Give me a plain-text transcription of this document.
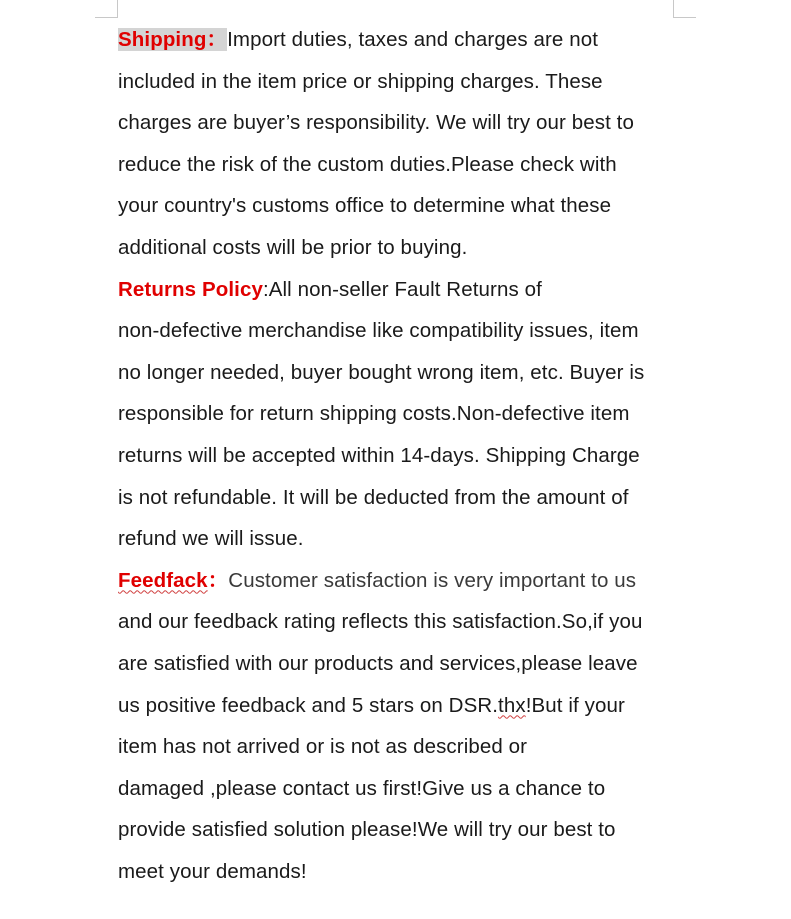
Shipping：Import duties, taxes and charges are not
included in the item price or shipping charges. These
charges are buyer’s responsibility. We will try our best to
reduce the risk of the custom duties.Please check with
your country's customs office to determine what these
additional costs will be prior to buying.
Returns Policy:All non-seller Fault Returns of
non-defective merchandise like compatibility issues, item
no longer needed, buyer bought wrong item, etc. Buyer is
responsible for return shipping costs.Non-defective item
returns will be accepted within 14-days. Shipping Charge
is not refundable. It will be deducted from the amount of
refund we will issue.
Feedfack：Customer satisfaction is very important to us
and our feedback rating reflects this satisfaction.So,if you
are satisfied with our products and services,please leave
us positive feedback and 5 stars on DSR.thx!But if your
item has not arrived or is not as described or
damaged ,please contact us first!Give us a chance to
provide satisfied solution please!We will try our best to
meet your demands!
